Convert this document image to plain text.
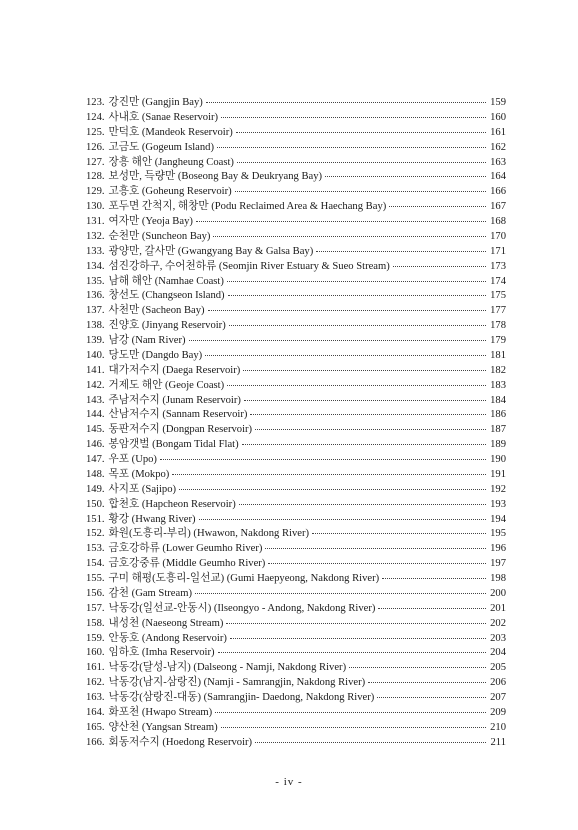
123. 강진만 (Gangjin Bay)	159
124. 사내호 (Sanae Reservoir)	160
125. 만덕호 (Mandeok Reservoir)	161
126. 고금도 (Gogeum Island)	162
127. 장흥 해안 (Jangheung Coast)	163
128. 보성만, 득량만 (Boseong Bay & Deukryang Bay)	164
129. 고흥호 (Goheung Reservoir)	166
130. 포두면 간척지, 해창만 (Podu Reclaimed Area & Haechang Bay)	167
131. 여자만 (Yeoja Bay)	168
132. 순천만 (Suncheon Bay)	170
133. 광양만, 갈사만 (Gwangyang Bay & Galsa Bay)	171
134. 섬진강하구, 수어천하류 (Seomjin River Estuary & Sueo Stream)	173
135. 남해 해안 (Namhae Coast)	174
136. 창선도 (Changseon Island)	175
137. 사천만 (Sacheon Bay)	177
138. 진양호 (Jinyang Reservoir)	178
139. 남강 (Nam River)	179
140. 당도만 (Dangdo Bay)	181
141. 대가저수지 (Daega Reservoir)	182
142. 거제도 해안 (Geoje Coast)	183
143. 주남저수지 (Junam Reservoir)	184
144. 산남저수지 (Sannam Reservoir)	186
145. 동판저수지 (Dongpan Reservoir)	187
146. 봉암갯벌 (Bongam Tidal Flat)	189
147. 우포 (Upo)	190
148. 목포 (Mokpo)	191
149. 사지포 (Sajipo)	192
150. 합천호 (Hapcheon Reservoir)	193
151. 황강 (Hwang River)	194
152. 화원(도흥리-부리) (Hwawon, Nakdong River)	195
153. 금호강하류 (Lower Geumho River)	196
154. 금호강중류 (Middle Geumho River)	197
155. 구미 해평(도흥리-일선교) (Gumi Haepyeong, Nakdong River)	198
156. 감천 (Gam Stream)	200
157. 낙동강(일선교-안동시) (Ilseongyo - Andong, Nakdong River)	201
158. 내성천 (Naeseong Stream)	202
159. 안동호 (Andong Reservoir)	203
160. 임하호 (Imha Reservoir)	204
161. 낙동강(달성-남지) (Dalseong - Namji, Nakdong River)	205
162. 낙동강(남지-삼랑진) (Namji - Samrangjin, Nakdong River)	206
163. 낙동강(삼랑진-대동) (Samrangjin- Daedong, Nakdong River)	207
164. 화포천 (Hwapo Stream)	209
165. 양산천 (Yangsan Stream)	210
166. 회동저수지 (Hoedong Reservoir)	211
- iv -
